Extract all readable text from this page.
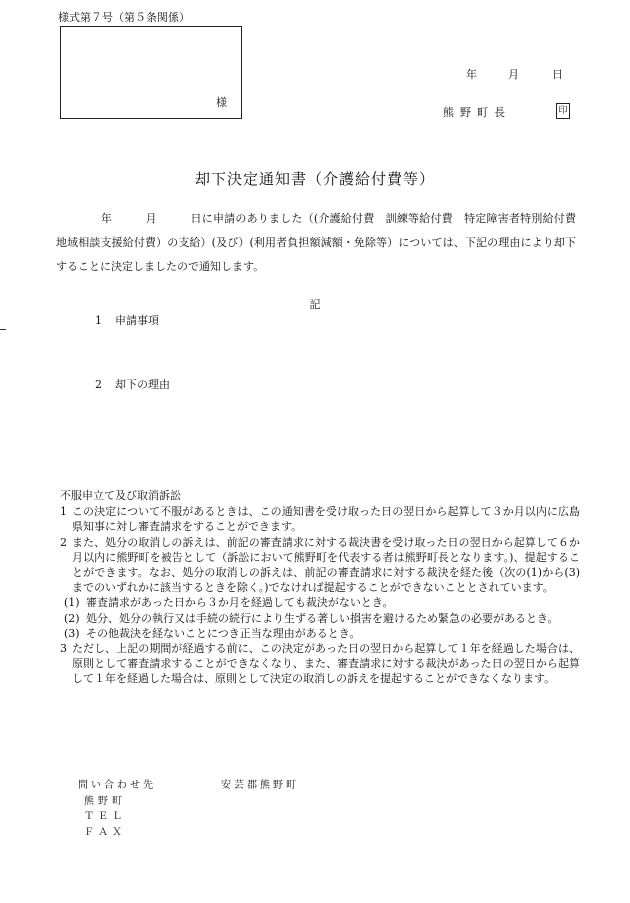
様式第７号（第５条関係）
様
年	月	日
熊野町長	印
却下決定通知書（介護給付費等）

　　　　年　　　月　　　日に申請のありました（(介護給付費　訓練等給付費　特定障害者特別給付費　地域相談支援給付費）の支給）(及び）(利用者負担額減額・免除等）については、下記の理由により却下することに決定しましたので通知します。

記
1 申請事項
2 却下の理由

不服申立て及び取消訴訟

1 この決定について不服があるときは、この通知書を受け取った日の翌日から起算して３か月以内に広島県知事に対し審査請求をすることができます。
2 また、処分の取消しの訴えは、前記の審査請求に対する裁決書を受け取った日の翌日から起算して６か月以内に熊野町を被告として（訴訟において熊野町を代表する者は熊野町長となります。)、提起することができます。なお、処分の取消しの訴えは、前記の審査請求に対する裁決を経た後（次の(1)から(3)までのいずれかに該当するときを除く。)でなければ提起することができないこととされています。
(1) 審査請求があった日から３か月を経過しても裁決がないとき。
(2) 処分、処分の執行又は手続の続行により生ずる著しい損害を避けるため緊急の必要があるとき。
(3) その他裁決を経ないことにつき正当な理由があるとき。
3 ただし、上記の期間が経過する前に、この決定があった日の翌日から起算して１年を経過した場合は、原則として審査請求することができなくなり、また、審査請求に対する裁決があった日の翌日から起算して１年を経過した場合は、原則として決定の取消しの訴えを提起することができなくなります。
問い合わせ先	安芸郡熊野町
熊野町
ＴＥＬ
ＦＡＸ
